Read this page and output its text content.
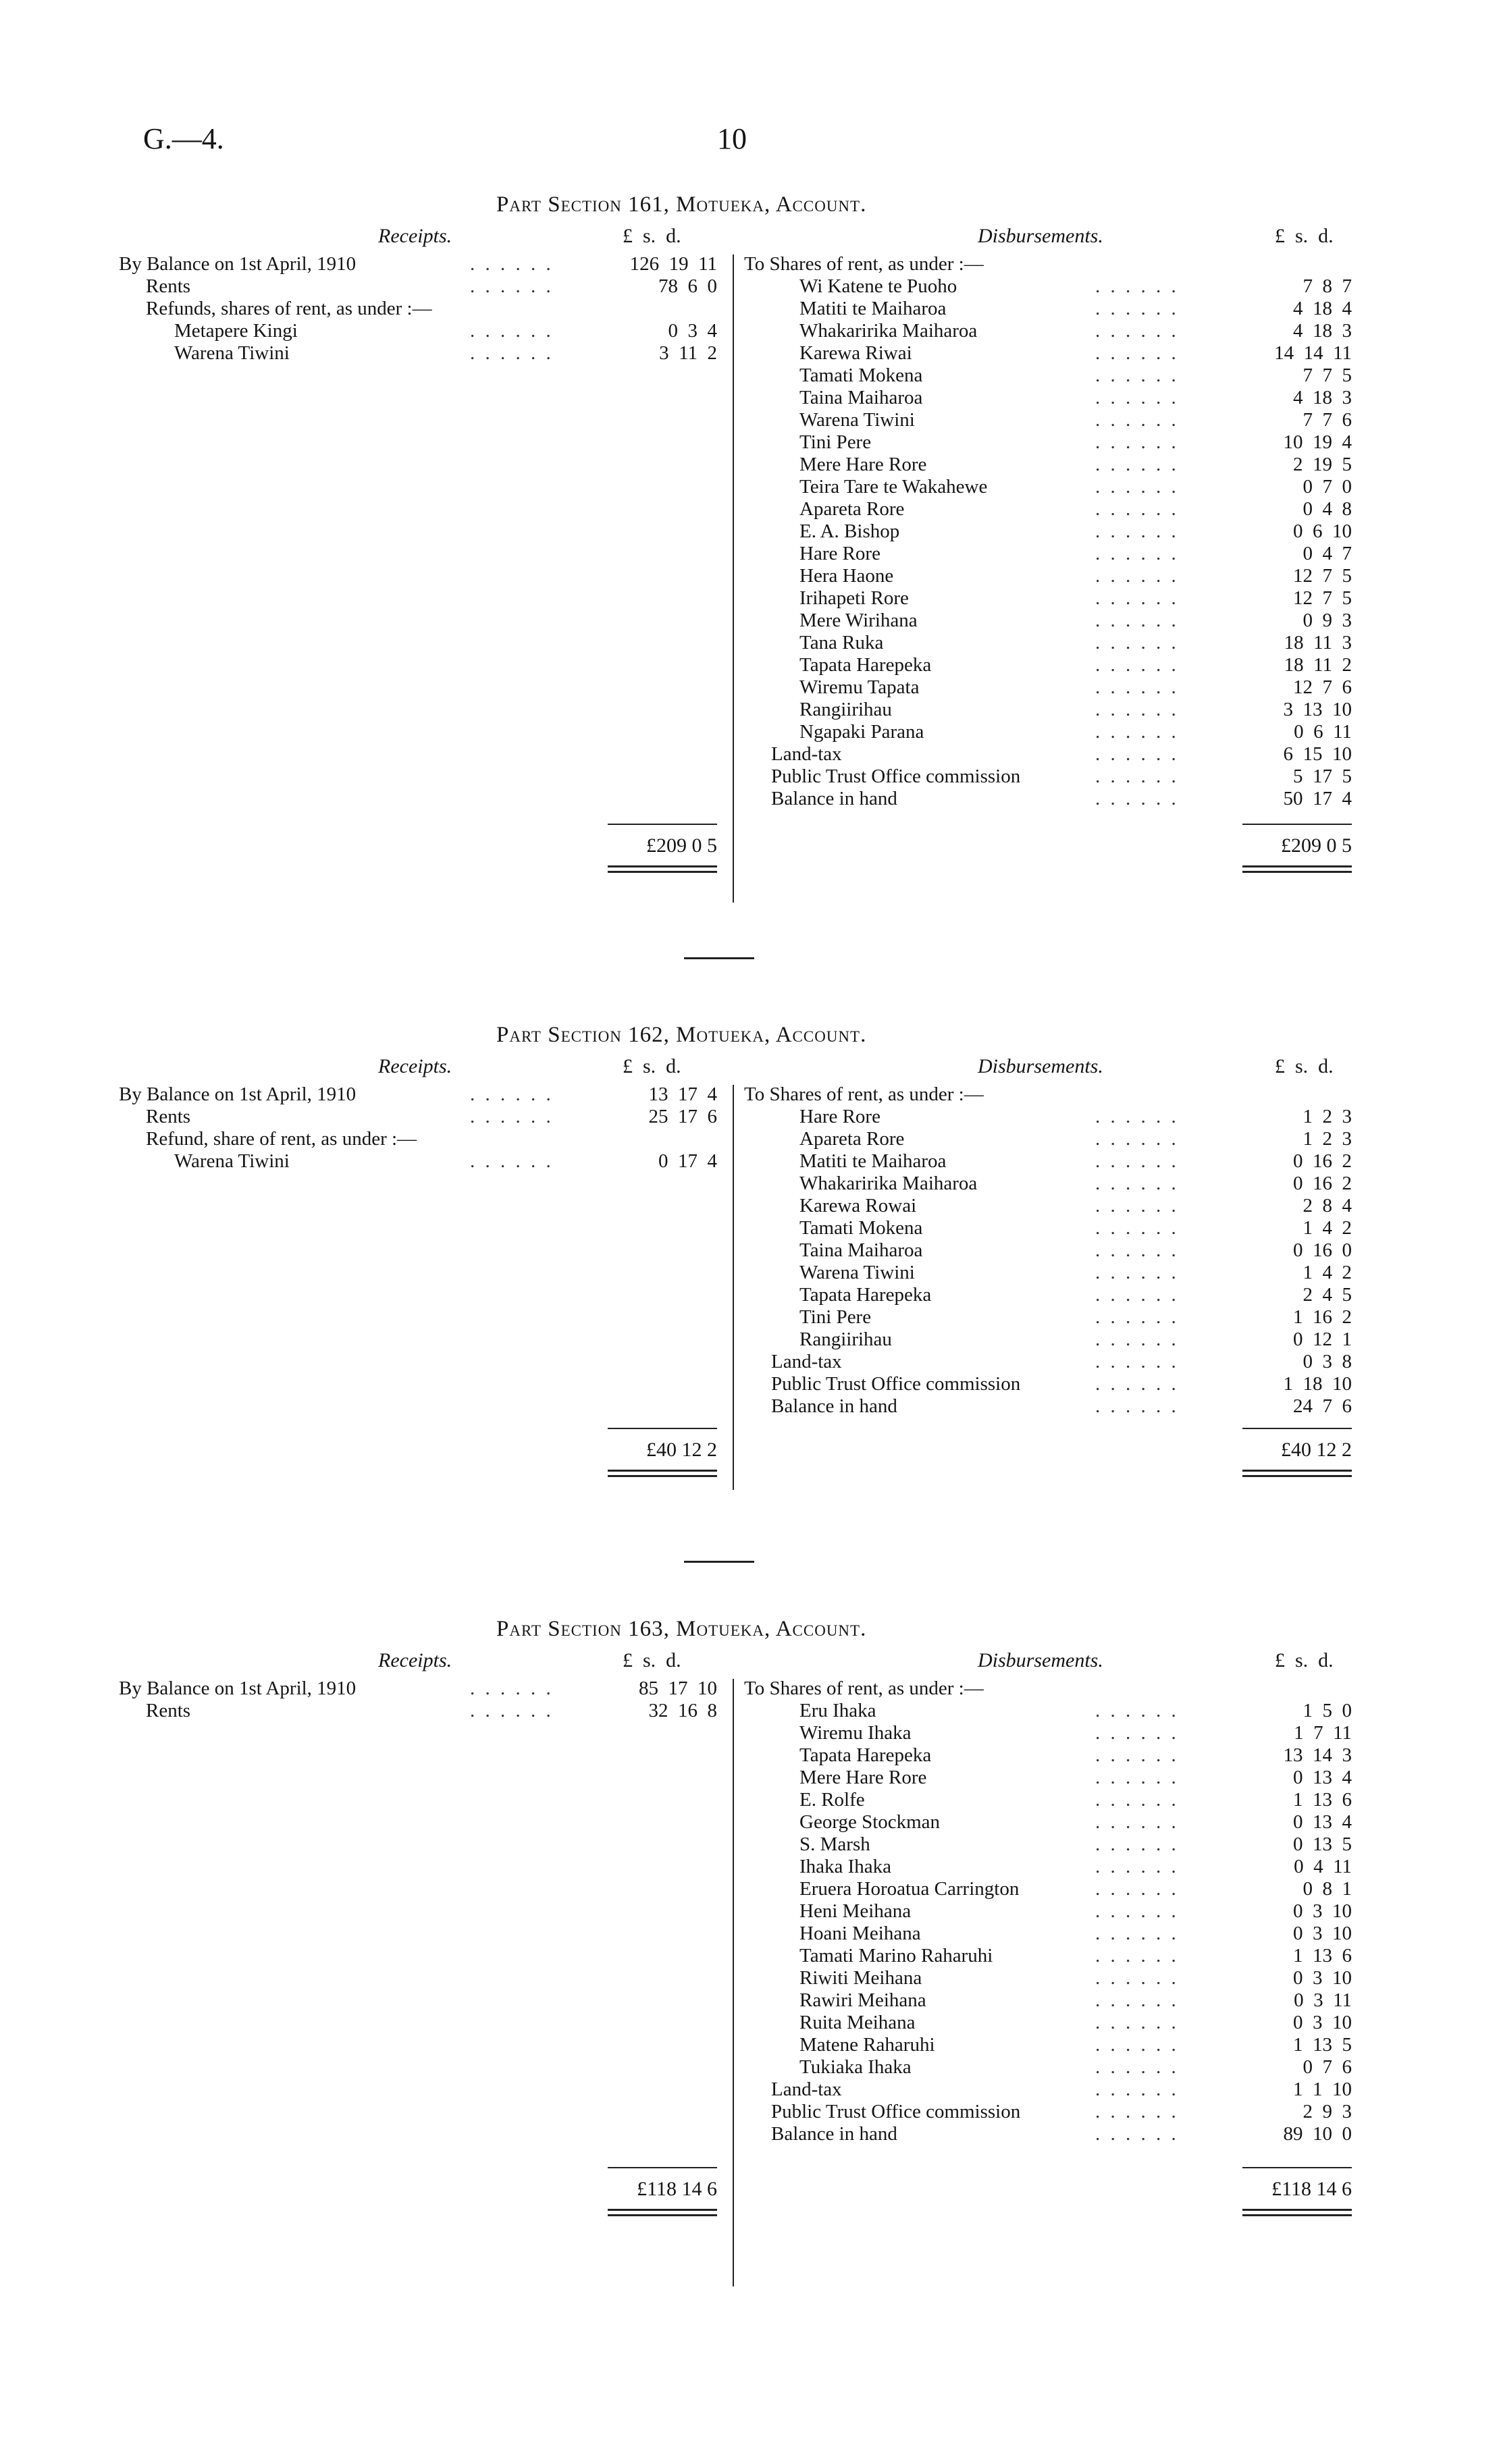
G.—4.	10
Part Section 161, Motueka, Account.
Receipts.	£  s.  d.	Disbursements.	£  s.  d.
By Balance on 1st April, 1910	. . . . . .	126  19  11
Rents	. . . . . .	78  6  0
Refunds, shares of rent, as under :—
Metapere Kingi	. . . . . .	0  3  4
Warena Tiwini	. . . . . .	3  11  2
To Shares of rent, as under :—
Wi Katene te Puoho	. . . . . .	7  8  7
Matiti te Maiharoa	. . . . . .	4  18  4
Whakaririka Maiharoa	. . . . . .	4  18  3
Karewa Riwai	. . . . . .	14  14  11
Tamati Mokena	. . . . . .	7  7  5
Taina Maiharoa	. . . . . .	4  18  3
Warena Tiwini	. . . . . .	7  7  6
Tini Pere	. . . . . .	10  19  4
Mere Hare Rore	. . . . . .	2  19  5
Teira Tare te Wakahewe	. . . . . .	0  7  0
Apareta Rore	. . . . . .	0  4  8
E. A. Bishop	. . . . . .	0  6  10
Hare Rore	. . . . . .	0  4  7
Hera Haone	. . . . . .	12  7  5
Irihapeti Rore	. . . . . .	12  7  5
Mere Wirihana	. . . . . .	0  9  3
Tana Ruka	. . . . . .	18  11  3
Tapata Harepeka	. . . . . .	18  11  2
Wiremu Tapata	. . . . . .	12  7  6
Rangiirihau	. . . . . .	3  13  10
Ngapaki Parana	. . . . . .	0  6  11
Land-tax	. . . . . .	6  15  10
Public Trust Office commission	. . . . . .	5  17  5
Balance in hand	. . . . . .	50  17  4
£209 0 5	£209 0 5
Part Section 162, Motueka, Account.
Receipts.	£  s.  d.	Disbursements.	£  s.  d.
By Balance on 1st April, 1910	. . . . . .	13  17  4
Rents	. . . . . .	25  17  6
Refund, share of rent, as under :—
Warena Tiwini	. . . . . .	0  17  4
To Shares of rent, as under :—
Hare Rore	. . . . . .	1  2  3
Apareta Rore	. . . . . .	1  2  3
Matiti te Maiharoa	. . . . . .	0  16  2
Whakaririka Maiharoa	. . . . . .	0  16  2
Karewa Rowai	. . . . . .	2  8  4
Tamati Mokena	. . . . . .	1  4  2
Taina Maiharoa	. . . . . .	0  16  0
Warena Tiwini	. . . . . .	1  4  2
Tapata Harepeka	. . . . . .	2  4  5
Tini Pere	. . . . . .	1  16  2
Rangiirihau	. . . . . .	0  12  1
Land-tax	. . . . . .	0  3  8
Public Trust Office commission	. . . . . .	1  18  10
Balance in hand	. . . . . .	24  7  6
£40 12 2	£40 12 2
Part Section 163, Motueka, Account.
Receipts.	£  s.  d.	Disbursements.	£  s.  d.
By Balance on 1st April, 1910	. . . . . .	85  17  10
Rents	. . . . . .	32  16  8
To Shares of rent, as under :—
Eru Ihaka	. . . . . .	1  5  0
Wiremu Ihaka	. . . . . .	1  7  11
Tapata Harepeka	. . . . . .	13  14  3
Mere Hare Rore	. . . . . .	0  13  4
E. Rolfe	. . . . . .	1  13  6
George Stockman	. . . . . .	0  13  4
S. Marsh	. . . . . .	0  13  5
Ihaka Ihaka	. . . . . .	0  4  11
Eruera Horoatua Carrington	. . . . . .	0  8  1
Heni Meihana	. . . . . .	0  3  10
Hoani Meihana	. . . . . .	0  3  10
Tamati Marino Raharuhi	. . . . . .	1  13  6
Riwiti Meihana	. . . . . .	0  3  10
Rawiri Meihana	. . . . . .	0  3  11
Ruita Meihana	. . . . . .	0  3  10
Matene Raharuhi	. . . . . .	1  13  5
Tukiaka Ihaka	. . . . . .	0  7  6
Land-tax	. . . . . .	1  1  10
Public Trust Office commission	. . . . . .	2  9  3
Balance in hand	. . . . . .	89  10  0
£118 14 6	£118 14 6
